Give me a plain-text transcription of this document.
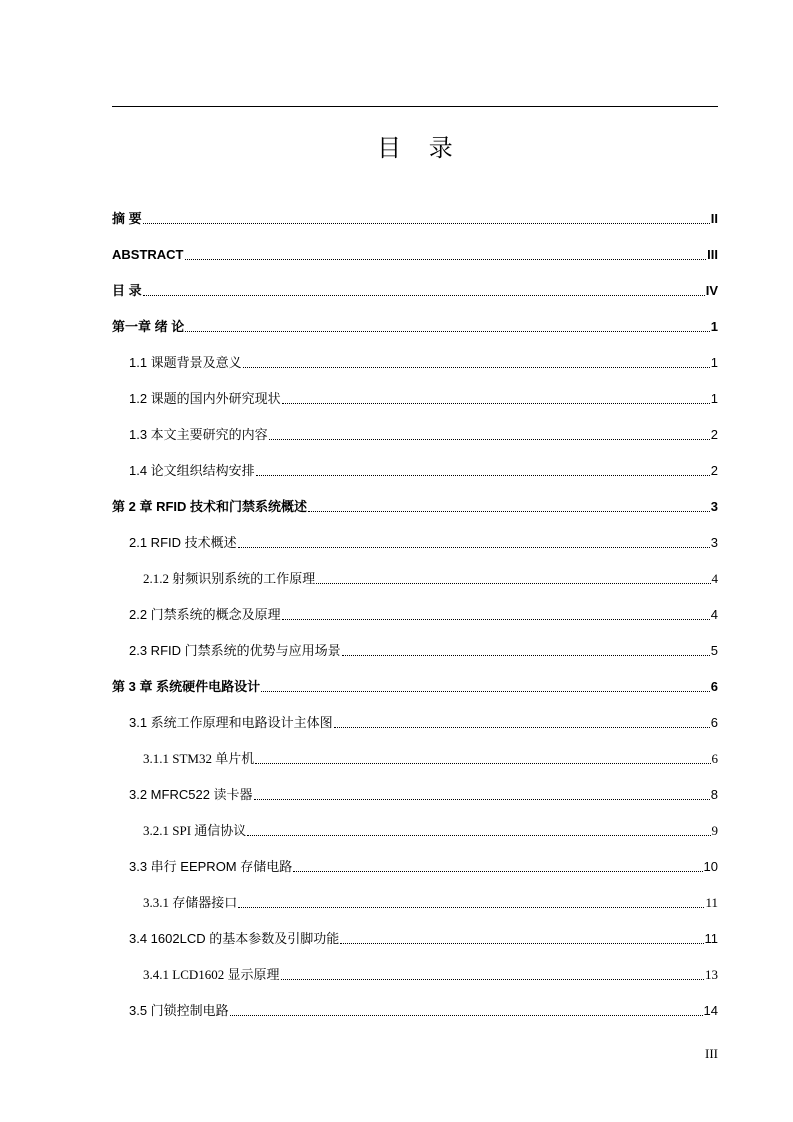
目 录
摘 要	II
ABSTRACT	III
目 录	IV
第一章 绪 论	1
1.1 课题背景及意义	1
1.2 课题的国内外研究现状	1
1.3 本文主要研究的内容	2
1.4 论文组织结构安排	2
第 2 章 RFID 技术和门禁系统概述	3
2.1 RFID 技术概述	3
2.1.2 射频识别系统的工作原理	4
2.2 门禁系统的概念及原理	4
2.3 RFID 门禁系统的优势与应用场景	5
第 3 章 系统硬件电路设计	6
3.1 系统工作原理和电路设计主体图	6
3.1.1 STM32 单片机	6
3.2 MFRC522 读卡器	8
3.2.1 SPI 通信协议	9
3.3 串行 EEPROM 存储电路	10
3.3.1 存储器接口	11
3.4 1602LCD 的基本参数及引脚功能	11
3.4.1 LCD1602 显示原理	13
3.5 门锁控制电路	14
III
